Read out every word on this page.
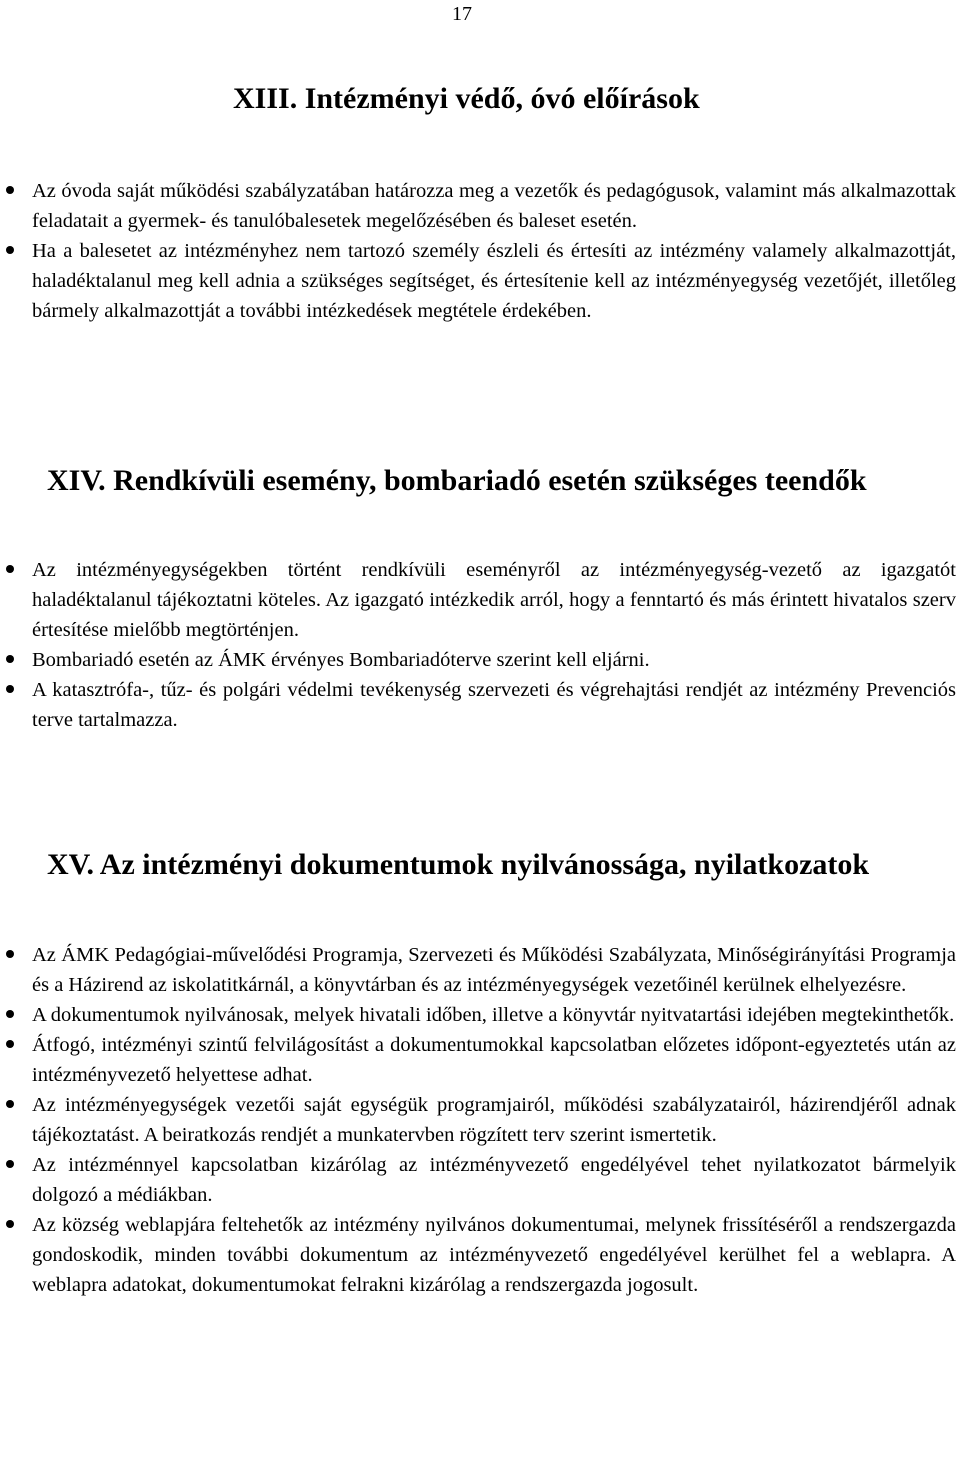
17
XIII. Intézményi védő, óvó előírások
Az óvoda saját működési szabályzatában határozza meg a vezetők és pedagógusok, valamint más alkalmazottak feladatait a gyermek- és tanulóbalesetek megelőzésében és baleset esetén.
Ha a balesetet az intézményhez nem tartozó személy észleli és értesíti az intézmény valamely alkalmazottját, haladéktalanul meg kell adnia a szükséges segítséget, és értesítenie kell az intézményegység vezetőjét, illetőleg bármely alkalmazottját a további intézkedések megtétele érdekében.
XIV. Rendkívüli esemény, bombariadó esetén szükséges teendők
Az intézményegységekben történt rendkívüli eseményről az intézményegység-vezető az igazgatót haladéktalanul tájékoztatni köteles. Az igazgató intézkedik arról, hogy a fenntartó és más érintett hivatalos szerv értesítése mielőbb megtörténjen.
Bombariadó esetén az ÁMK érvényes Bombariadóterve szerint kell eljárni.
A katasztrófa-, tűz- és polgári védelmi tevékenység szervezeti és végrehajtási rendjét az intézmény Prevenciós terve tartalmazza.
XV. Az intézményi dokumentumok nyilvánossága, nyilatkozatok
Az ÁMK Pedagógiai-művelődési Programja, Szervezeti és Működési Szabályzata, Minőségirányítási Programja és a Házirend az iskolatitkárnál, a könyvtárban és az intézményegységek vezetőinél kerülnek elhelyezésre.
A dokumentumok nyilvánosak, melyek hivatali időben, illetve a könyvtár nyitvatartási idejében megtekinthetők.
Átfogó, intézményi szintű felvilágosítást a dokumentumokkal kapcsolatban előzetes időpont-egyeztetés után az intézményvezető helyettese adhat.
Az intézményegységek vezetői saját egységük programjairól, működési szabályzatairól, házirendjéről adnak tájékoztatást. A beiratkozás rendjét a munkatervben rögzített terv szerint ismertetik.
Az intézménnyel kapcsolatban kizárólag az intézményvezető engedélyével tehet nyilatkozatot bármelyik dolgozó a médiákban.
Az község weblapjára feltehetők az intézmény nyilvános dokumentumai, melynek frissítéséről a rendszergazda gondoskodik, minden további dokumentum az intézményvezető engedélyével kerülhet fel a weblapra. A weblapra adatokat, dokumentumokat felrakni kizárólag a rendszergazda jogosult.
